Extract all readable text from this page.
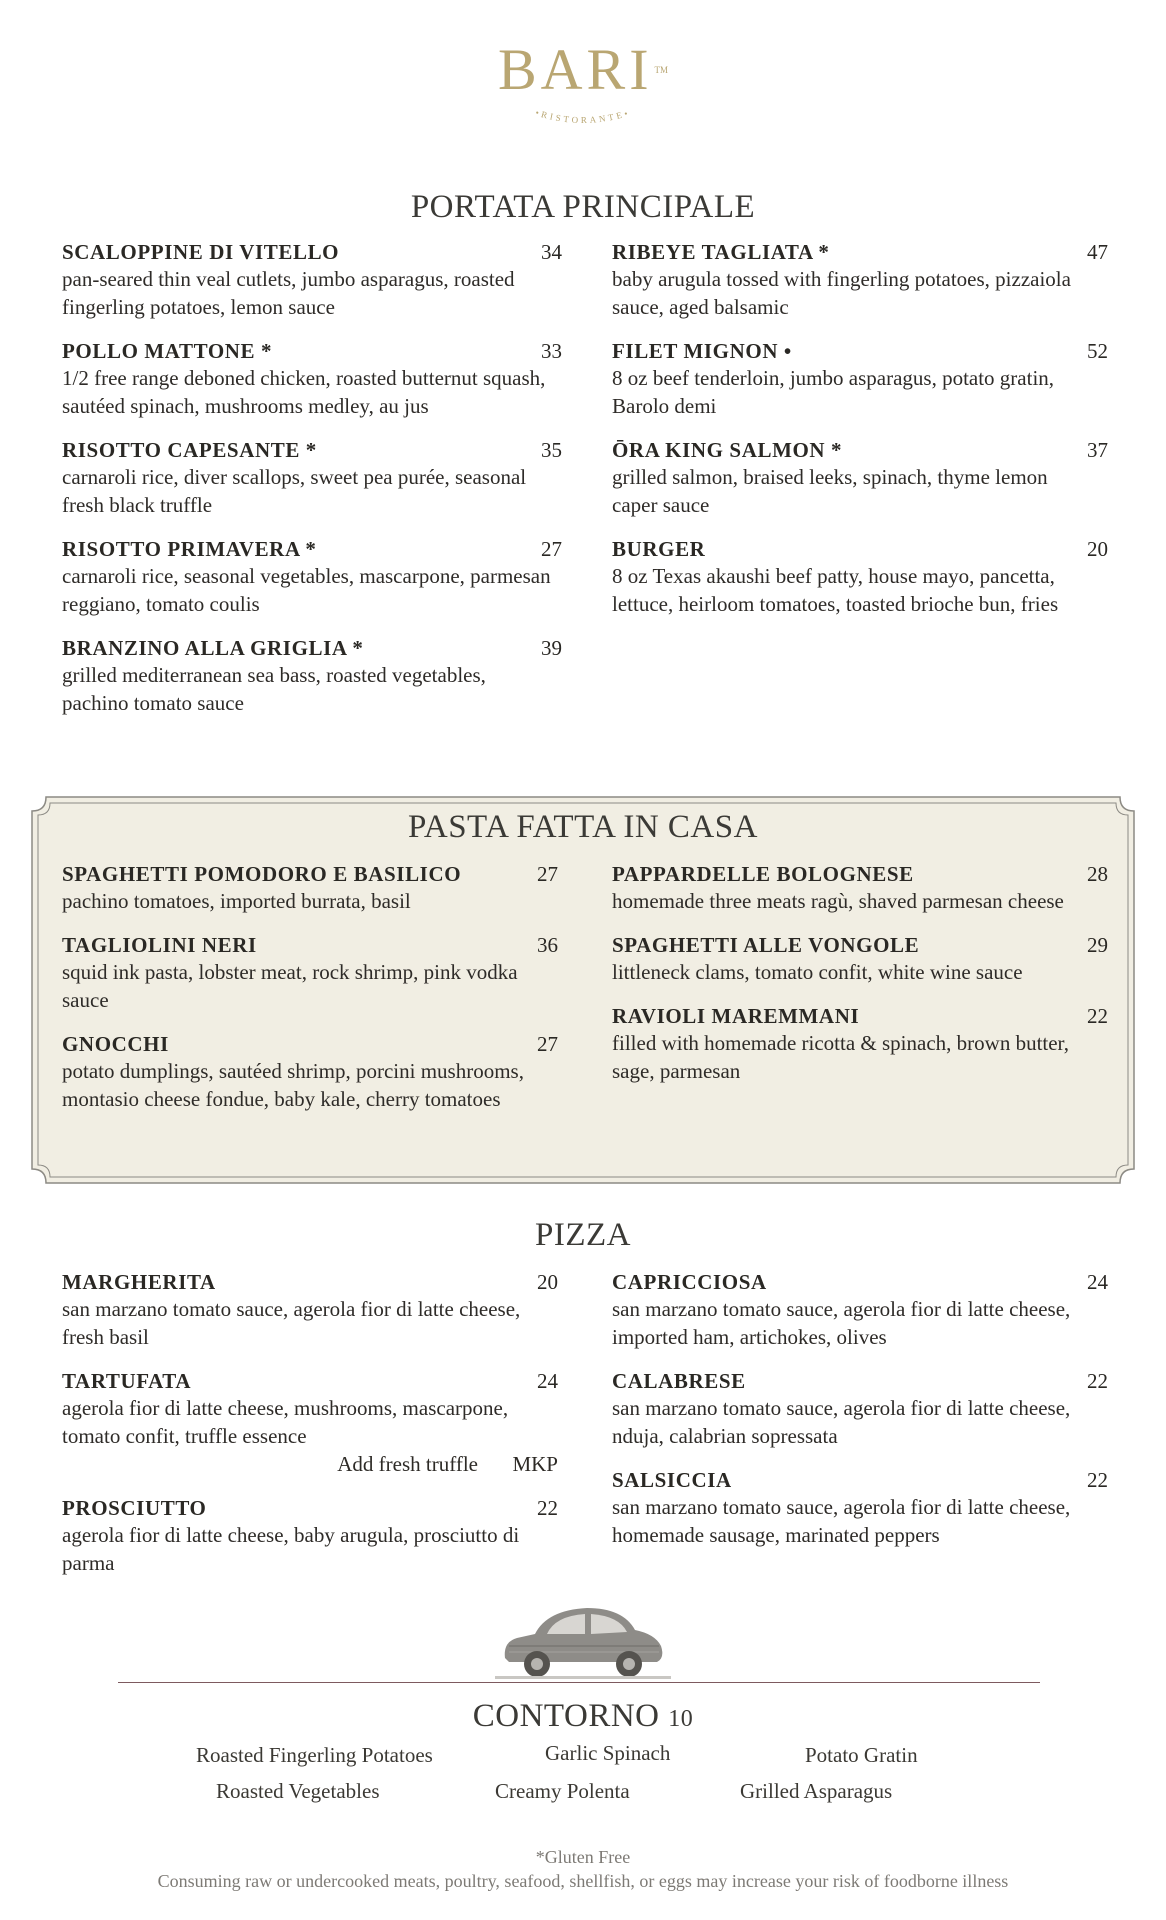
BARI ™
•RISTORANTE•
PORTATA PRINCIPALE
SCALOPPINE DI VITELLO	34
pan-seared thin veal cutlets, jumbo asparagus, roasted fingerling potatoes, lemon sauce
POLLO MATTONE *	33
1/2 free range deboned chicken, roasted butternut squash, sautéed spinach, mushrooms medley, au jus
RISOTTO CAPESANTE *	35
carnaroli rice, diver scallops, sweet pea purée, seasonal fresh black truffle
RISOTTO PRIMAVERA *	27
carnaroli rice, seasonal vegetables, mascarpone, parmesan reggiano, tomato coulis
BRANZINO ALLA GRIGLIA *	39
grilled mediterranean sea bass, roasted vegetables, pachino tomato sauce
RIBEYE TAGLIATA *	47
baby arugula tossed with fingerling potatoes, pizzaiola sauce, aged balsamic
FILET MIGNON •	52
8 oz beef tenderloin, jumbo asparagus, potato gratin, Barolo demi
ŌRA KING SALMON *	37
grilled salmon, braised leeks, spinach, thyme lemon caper sauce
BURGER	20
8 oz Texas akaushi beef patty, house mayo, pancetta, lettuce, heirloom tomatoes, toasted brioche bun, fries
PASTA FATTA IN CASA
SPAGHETTI POMODORO E BASILICO	27
pachino tomatoes, imported burrata, basil
TAGLIOLINI NERI	36
squid ink pasta, lobster meat, rock shrimp, pink vodka sauce
GNOCCHI	27
potato dumplings, sautéed shrimp, porcini mushrooms, montasio cheese fondue, baby kale, cherry tomatoes
PAPPARDELLE BOLOGNESE	28
homemade three meats ragù, shaved parmesan cheese
SPAGHETTI ALLE VONGOLE	29
littleneck clams, tomato confit, white wine sauce
RAVIOLI MAREMMANI	22
filled with homemade ricotta & spinach, brown butter, sage, parmesan
PIZZA
MARGHERITA	20
san marzano tomato sauce, agerola fior di latte cheese, fresh basil
TARTUFATA	24
agerola fior di latte cheese, mushrooms, mascarpone, tomato confit, truffle essence
Add fresh truffle MKP
PROSCIUTTO	22
agerola fior di latte cheese, baby arugula, prosciutto di parma
CAPRICCIOSA	24
san marzano tomato sauce, agerola fior di latte cheese, imported ham, artichokes, olives
CALABRESE	22
san marzano tomato sauce, agerola fior di latte cheese, nduja, calabrian sopressata
SALSICCIA	22
san marzano tomato sauce, agerola fior di latte cheese, homemade sausage, marinated peppers
CONTORNO 10
Roasted Fingerling Potatoes	Garlic Spinach	Potato Gratin
Roasted Vegetables	Creamy Polenta	Grilled Asparagus
*Gluten Free
Consuming raw or undercooked meats, poultry, seafood, shellfish, or eggs may increase your risk of foodborne illness
